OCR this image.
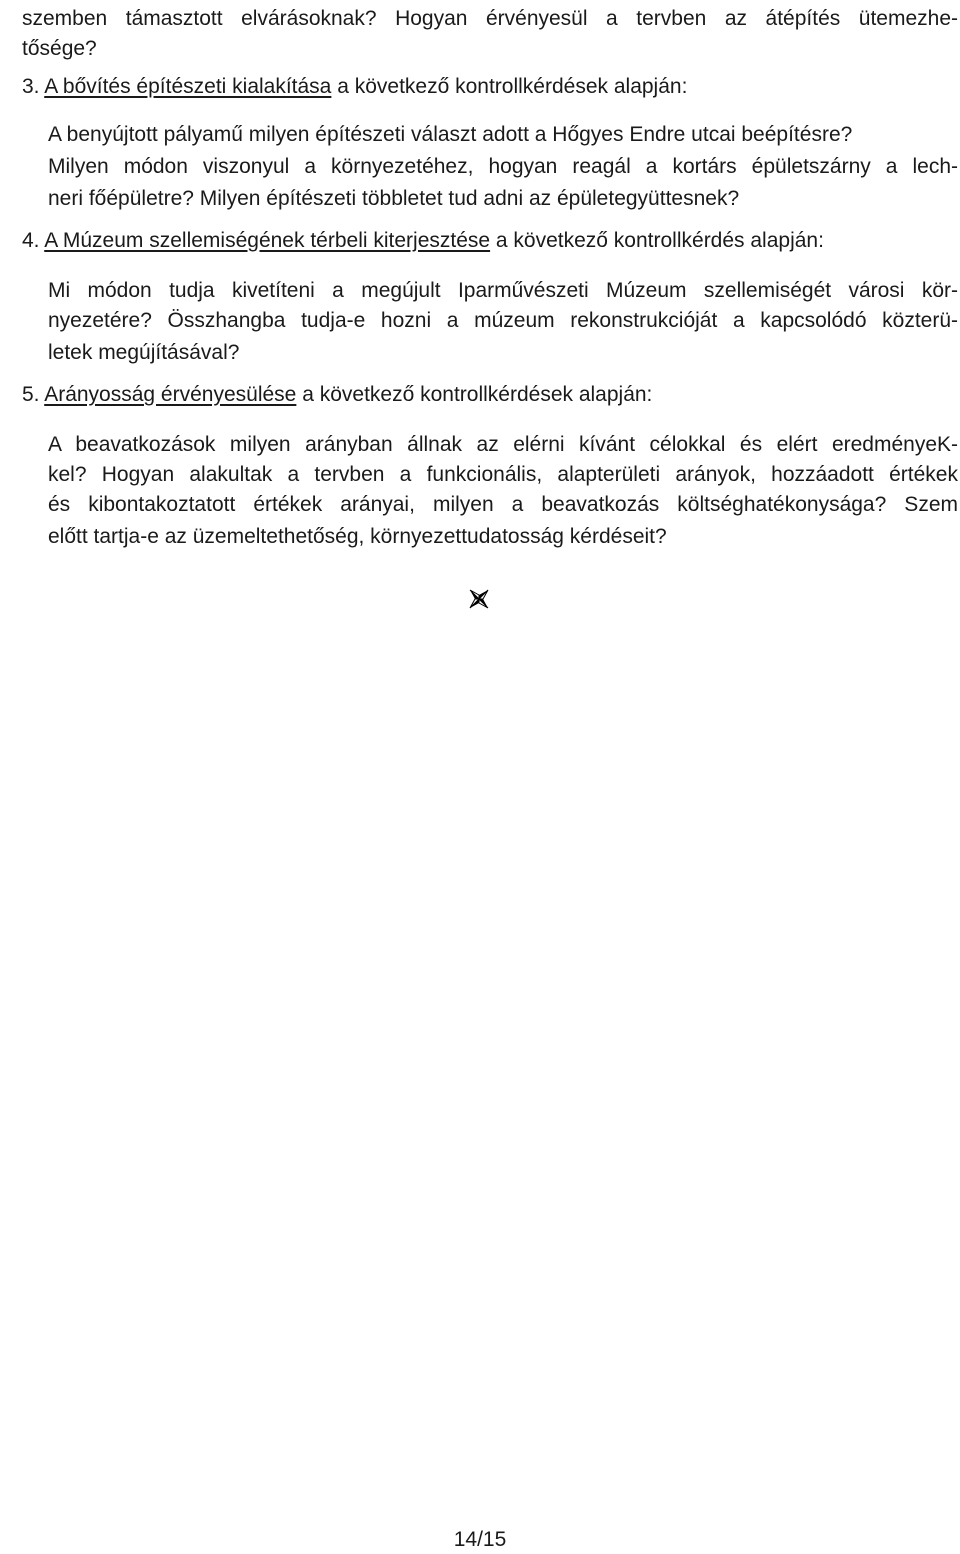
szemben támasztott elvárásoknak? Hogyan érvényesül a tervben az átépítés ütemezhe-
tősége?
3. A bővítés építészeti kialakítása a következő kontrollkérdések alapján:
A benyújtott pályamű milyen építészeti választ adott a Hőgyes Endre utcai beépítésre?
Milyen módon viszonyul a környezetéhez, hogyan reagál a kortárs épületszárny a lech-
neri főépületre? Milyen építészeti többletet tud adni az épületegyüttesnek?
4. A Múzeum szellemiségének térbeli kiterjesztése a következő kontrollkérdés alapján:
Mi módon tudja kivetíteni a megújult Iparművészeti Múzeum szellemiségét városi kör-
nyezetére? Összhangba tudja-e hozni a múzeum rekonstrukcióját a kapcsolódó közterü-
letek megújításával?
5. Arányosság érvényesülése a következő kontrollkérdések alapján:
A beavatkozások milyen arányban állnak az elérni kívánt célokkal és elért eredményeK-
kel? Hogyan alakultak a tervben a funkcionális, alapterületi arányok, hozzáadott értékek
és kibontakoztatott értékek arányai, milyen a beavatkozás költséghatékonysága? Szem
előtt tartja-e az üzemeltethetőség, környezettudatosság kérdéseit?
14/15
